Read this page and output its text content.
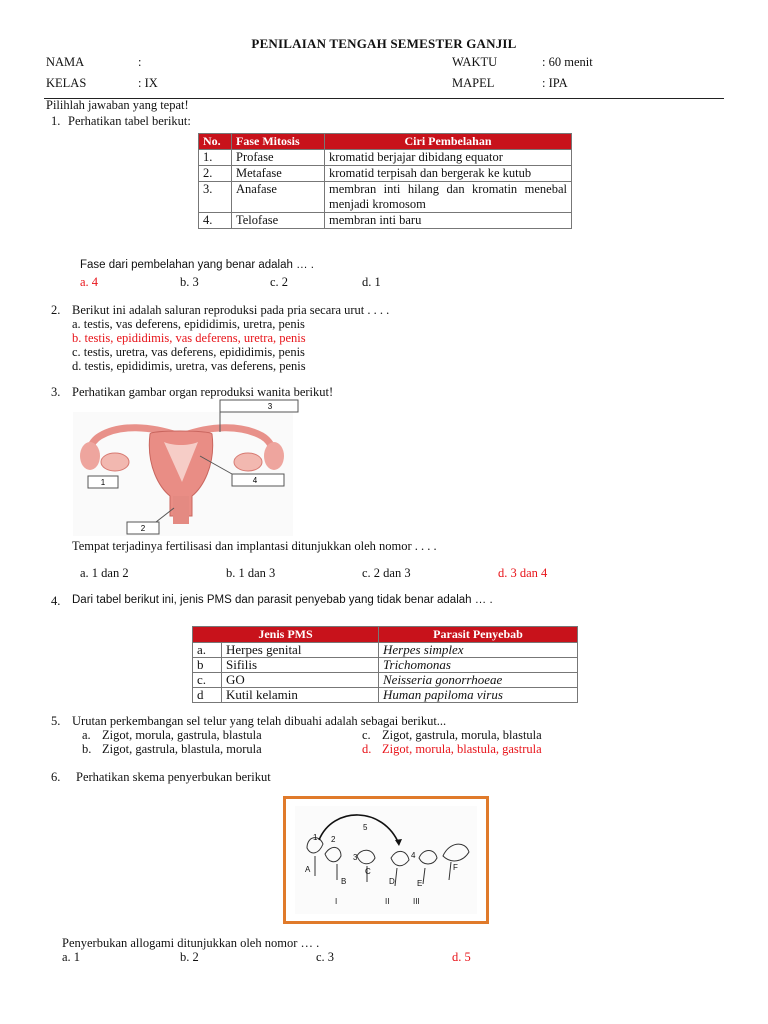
PENILAIAN TENGAH SEMESTER GANJIL
NAMA	:	WAKTU	: 60 menit
KELAS	: IX	MAPEL	: IPA
Pilihlah jawaban yang tepat!
1. Perhatikan tabel berikut:
No.	Fase Mitosis	Ciri Pembelahan
1.	Profase	kromatid berjajar dibidang equator
2.	Metafase	kromatid terpisah dan bergerak ke kutub
3.	Anafase	membran inti hilang dan kromatin menebal menjadi kromosom
4.	Telofase	membran inti baru
Fase dari pembelahan yang benar adalah … .
a. 4	b. 3	c. 2	d. 1
2. Berikut ini adalah saluran reproduksi pada pria secara urut . . . .
a. testis, vas deferens, epididimis, uretra, penis
b. testis, epididimis, vas deferens, uretra, penis
c. testis, uretra, vas deferens, epididimis, penis
d. testis, epididimis, uretra, vas deferens, penis
3. Perhatikan gambar organ reproduksi wanita berikut!
3
1	4
2
Tempat terjadinya fertilisasi dan implantasi ditunjukkan oleh nomor . . . .
a. 1 dan 2	b. 1 dan 3	c. 2 dan 3	d. 3 dan 4
4. Dari tabel berikut ini, jenis PMS dan parasit penyebab yang tidak benar adalah … .
Jenis PMS		Parasit Penyebab
a.	Herpes genital	Herpes simplex
b	Sifilis	Trichomonas
c.	GO	Neisseria gonorrhoeae
d	Kutil kelamin	Human papiloma virus
5. Urutan perkembangan sel telur yang telah dibuahi adalah sebagai berikut...
a. Zigot, morula, gastrula, blastula
b. Zigot, gastrula, blastula, morula
c. Zigot, gastrula, morula, blastula
d. Zigot, morula, blastula, gastrula
6. Perhatikan skema penyerbukan berikut
1 2
3	4
5
A
B
C
D	E
F
I	II	III
Penyerbukan allogami ditunjukkan oleh nomor … .
a. 1	b. 2	c. 3	d. 5
